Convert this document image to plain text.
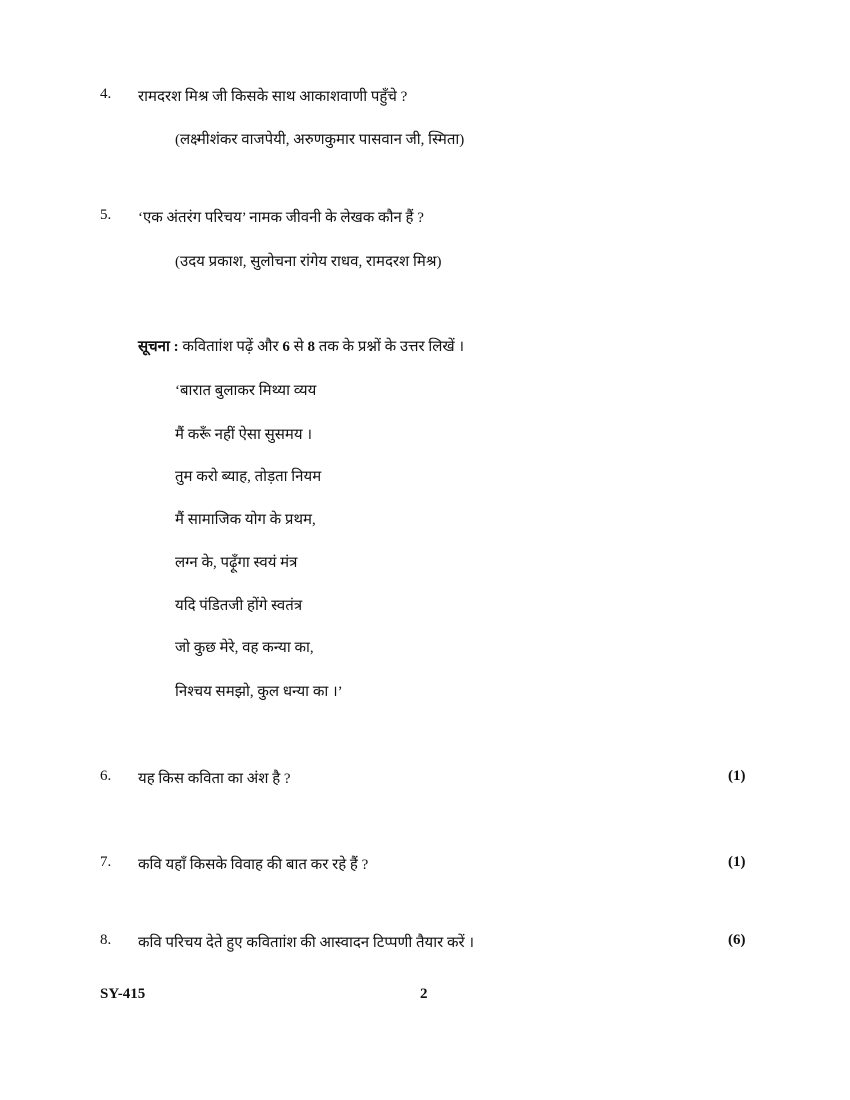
4. रामदरश मिश्र जी किसके साथ आकाशवाणी पहुँचे ?
(लक्ष्मीशंकर वाजपेयी, अरुणकुमार पासवान जी, स्मिता)
5. ‘एक अंतरंग परिचय’ नामक जीवनी के लेखक कौन हैं ?
(उदय प्रकाश, सुलोचना रांगेय राधव, रामदरश मिश्र)
सूचना : कविताांश पढ़ें और 6 से 8 तक के प्रश्नों के उत्तर लिखें ।
‘बारात बुलाकर मिथ्या व्यय
मैं करूँ नहीं ऐसा सुसमय ।
तुम करो ब्याह, तोड़ता नियम
मैं सामाजिक योग के प्रथम,
लग्न के, पढ़ूँगा स्वयं मंत्र
यदि पंडितजी होंगे स्वतंत्र
जो कुछ मेरे, वह कन्या का,
निश्चय समझो, कुल धन्या का ।’
6. यह किस कविता का अंश है ?	(1)
7. कवि यहाँ किसके विवाह की बात कर रहे हैं ?	(1)
8. कवि परिचय देते हुए कविताांश की आस्वादन टिप्पणी तैयार करें ।	(6)
SY-415	2
